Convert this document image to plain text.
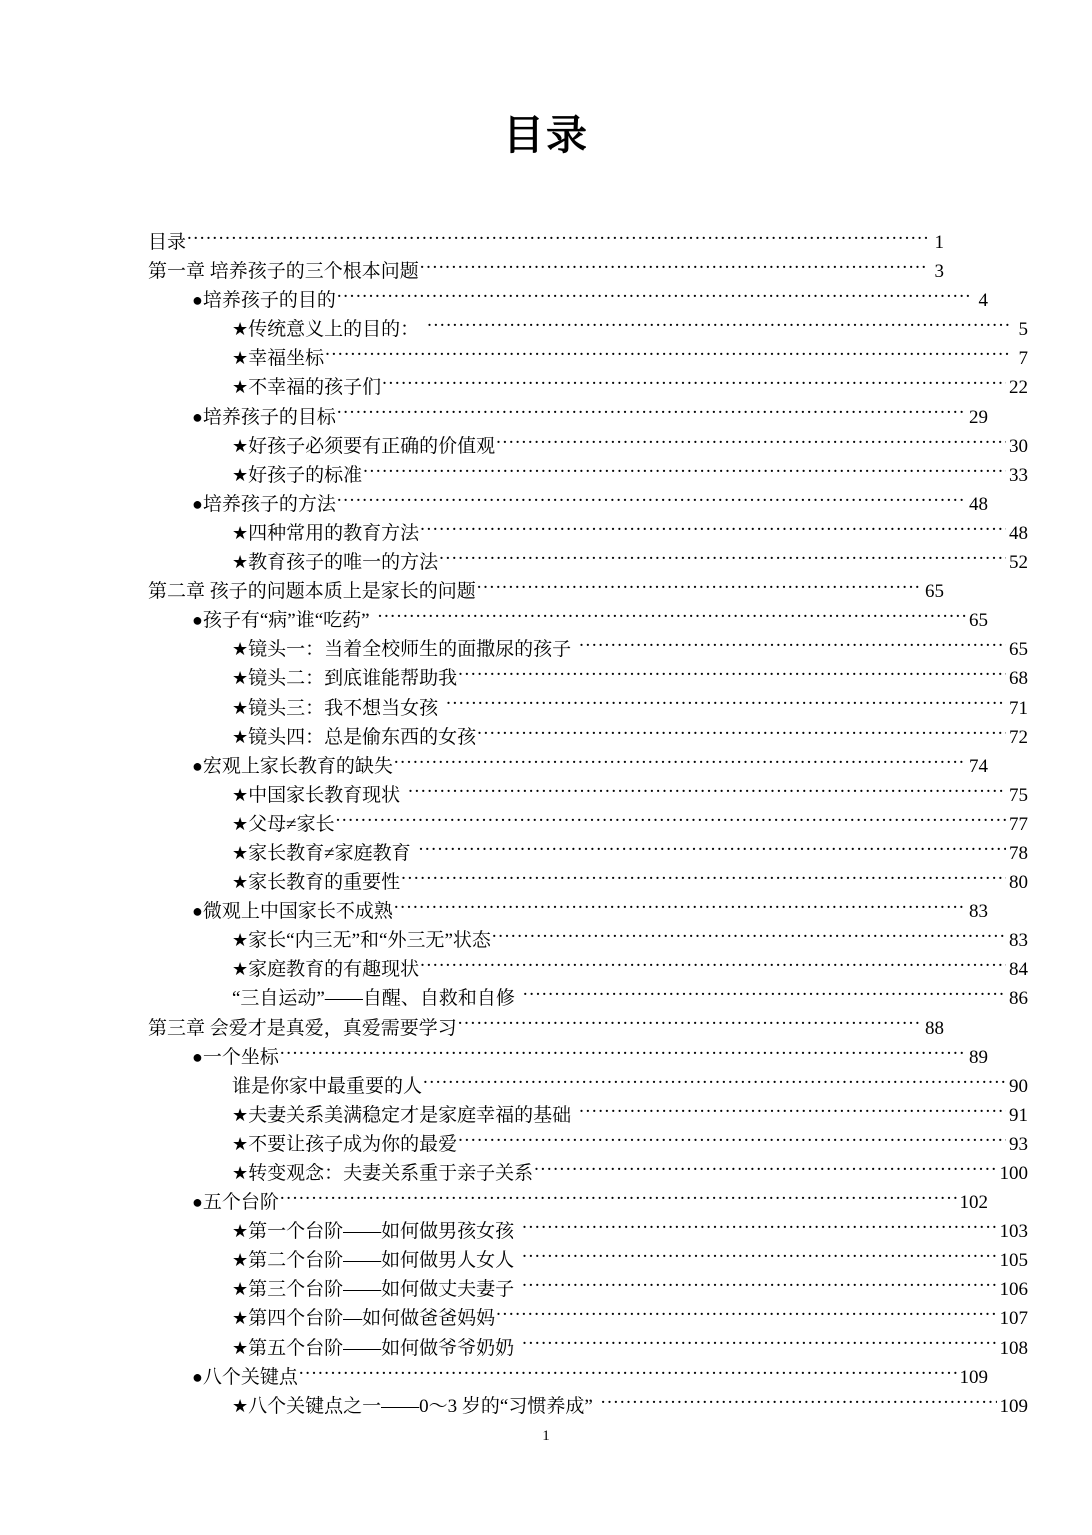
目录
目录 .....	1
第一章 培养孩子的三个根本问题 .....	3
● 培养孩子的目的 .....	4
★ 传统意义上的目的： .....	5
★ 幸福坐标 .....	7
★ 不幸福的孩子们 .....	22
● 培养孩子的目标 .....	29
★ 好孩子必须要有正确的价值观 .....	30
★ 好孩子的标准 .....	33
● 培养孩子的方法 .....	48
★ 四种常用的教育方法 .....	48
★ 教育孩子的唯一的方法 .....	52
第二章 孩子的问题本质上是家长的问题 .....	65
● 孩子有“病”谁“吃药” .....	65
★ 镜头一：当着全校师生的面撒尿的孩子 .....	65
★ 镜头二：到底谁能帮助我 .....	68
★ 镜头三：我不想当女孩 .....	71
★ 镜头四：总是偷东西的女孩 .....	72
● 宏观上家长教育的缺失 .....	74
★ 中国家长教育现状 .....	75
★ 父母≠家长 .....	77
★ 家长教育≠家庭教育 .....	78
★ 家长教育的重要性 .....	80
● 微观上中国家长不成熟 .....	83
★ 家长“内三无”和“外三无”状态 .....	83
★ 家庭教育的有趣现状 .....	84
“三自运动”——自醒、自救和自修 .....	86
第三章 会爱才是真爱，真爱需要学习 .....	88
● 一个坐标 .....	89
谁是你家中最重要的人 .....	90
★ 夫妻关系美满稳定才是家庭幸福的基础 .....	91
★ 不要让孩子成为你的最爱 .....	93
★ 转变观念：夫妻关系重于亲子关系 .....	100
● 五个台阶 .....	102
★ 第一个台阶——如何做男孩女孩 .....	103
★ 第二个台阶——如何做男人女人 .....	105
★ 第三个台阶——如何做丈夫妻子 .....	106
★ 第四个台阶—如何做爸爸妈妈 .....	107
★ 第五个台阶——如何做爷爷奶奶 .....	108
● 八个关键点 .....	109
★ 八个关键点之一——0～3 岁的“习惯养成” .....	109
1
